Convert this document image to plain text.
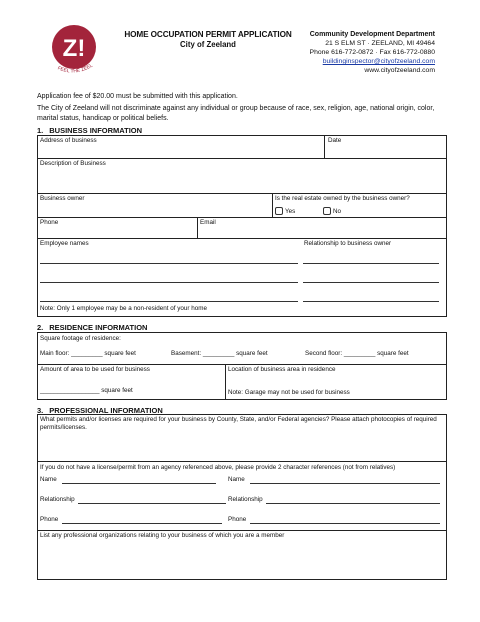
Z!
FEEL THE ZEEL
HOME OCCUPATION PERMIT APPLICATION
City of Zeeland
Community Development Department
21 S ELM ST · ZEELAND, MI 49464
Phone 616-772-0872 · Fax 616-772-0880
buildinginspector@cityofzeeland.com
www.cityofzeeland.com
Application fee of $20.00 must be submitted with this application.
The City of Zeeland will not discriminate against any individual or group because of race, sex, religion, age, national origin, color, marital status, handicap or political beliefs.
1. BUSINESS INFORMATION
Address of business	Date
Description of Business
Business owner	Is the real estate owned by the business owner?
Yes	No
Phone	Email
Employee names	Relationship to business owner
Note: Only 1 employee may be a non-resident of your home
2. RESIDENCE INFORMATION
Square footage of residence:
Main floor: _________ square feet	Basement: _________ square feet	Second floor: _________ square feet
Amount of area to be used for business
_________________ square feet
Location of business area in residence
Note: Garage may not be used for business
3. PROFESSIONAL INFORMATION
What permits and/or licenses are required for your business by County, State, and/or Federal agencies? Please attach photocopies of required permits/licenses.
If you do not have a license/permit from an agency referenced above, please provide 2 character references (not from relatives)
Name	Name
Relationship	Relationship
Phone	Phone
List any professional organizations relating to your business of which you are a member
